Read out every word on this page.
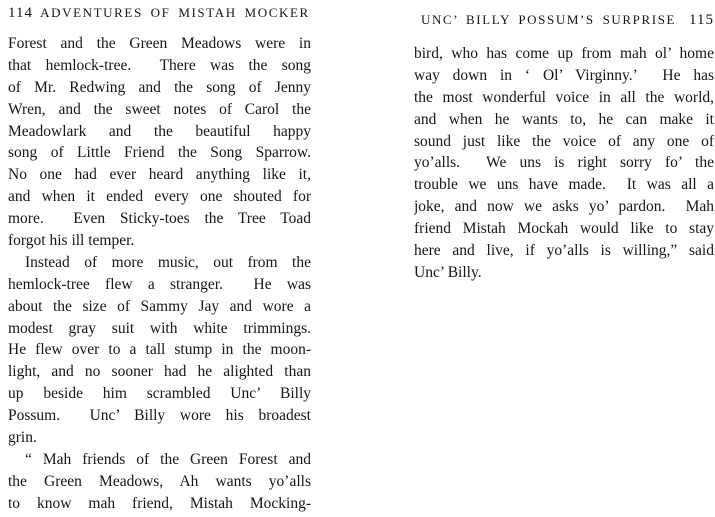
114 ADVENTURES OF MISTAH MOCKER
Forest and the Green Meadows were in
that hemlock-tree.  There was the song
of Mr. Redwing and the song of Jenny
Wren, and the sweet notes of Carol the
Meadowlark and the beautiful happy
song of Little Friend the Song Sparrow.
No one had ever heard anything like it,
and when it ended every one shouted for
more.  Even Sticky-toes the Tree Toad
forgot his ill temper.
Instead of more music, out from the
hemlock-tree flew a stranger.  He was
about the size of Sammy Jay and wore a
modest gray suit with white trimmings.
He flew over to a tall stump in the moon-
light, and no sooner had he alighted than
up beside him scrambled Unc’ Billy
Possum.  Unc’ Billy wore his broadest
grin.
“ Mah friends of the Green Forest and
the Green Meadows, Ah wants yo’alls
to know mah friend, Mistah Mocking-
UNC’ BILLY POSSUM’S SURPRISE 115
bird, who has come up from mah ol’ home
way down in ‘ Ol’ Virginny.’  He has
the most wonderful voice in all the world,
and when he wants to, he can make it
sound just like the voice of any one of
yo’alls.  We uns is right sorry fo’ the
trouble we uns have made.  It was all a
joke, and now we asks yo’ pardon.  Mah
friend Mistah Mockah would like to stay
here and live, if yo’alls is willing,” said
Unc’ Billy.
